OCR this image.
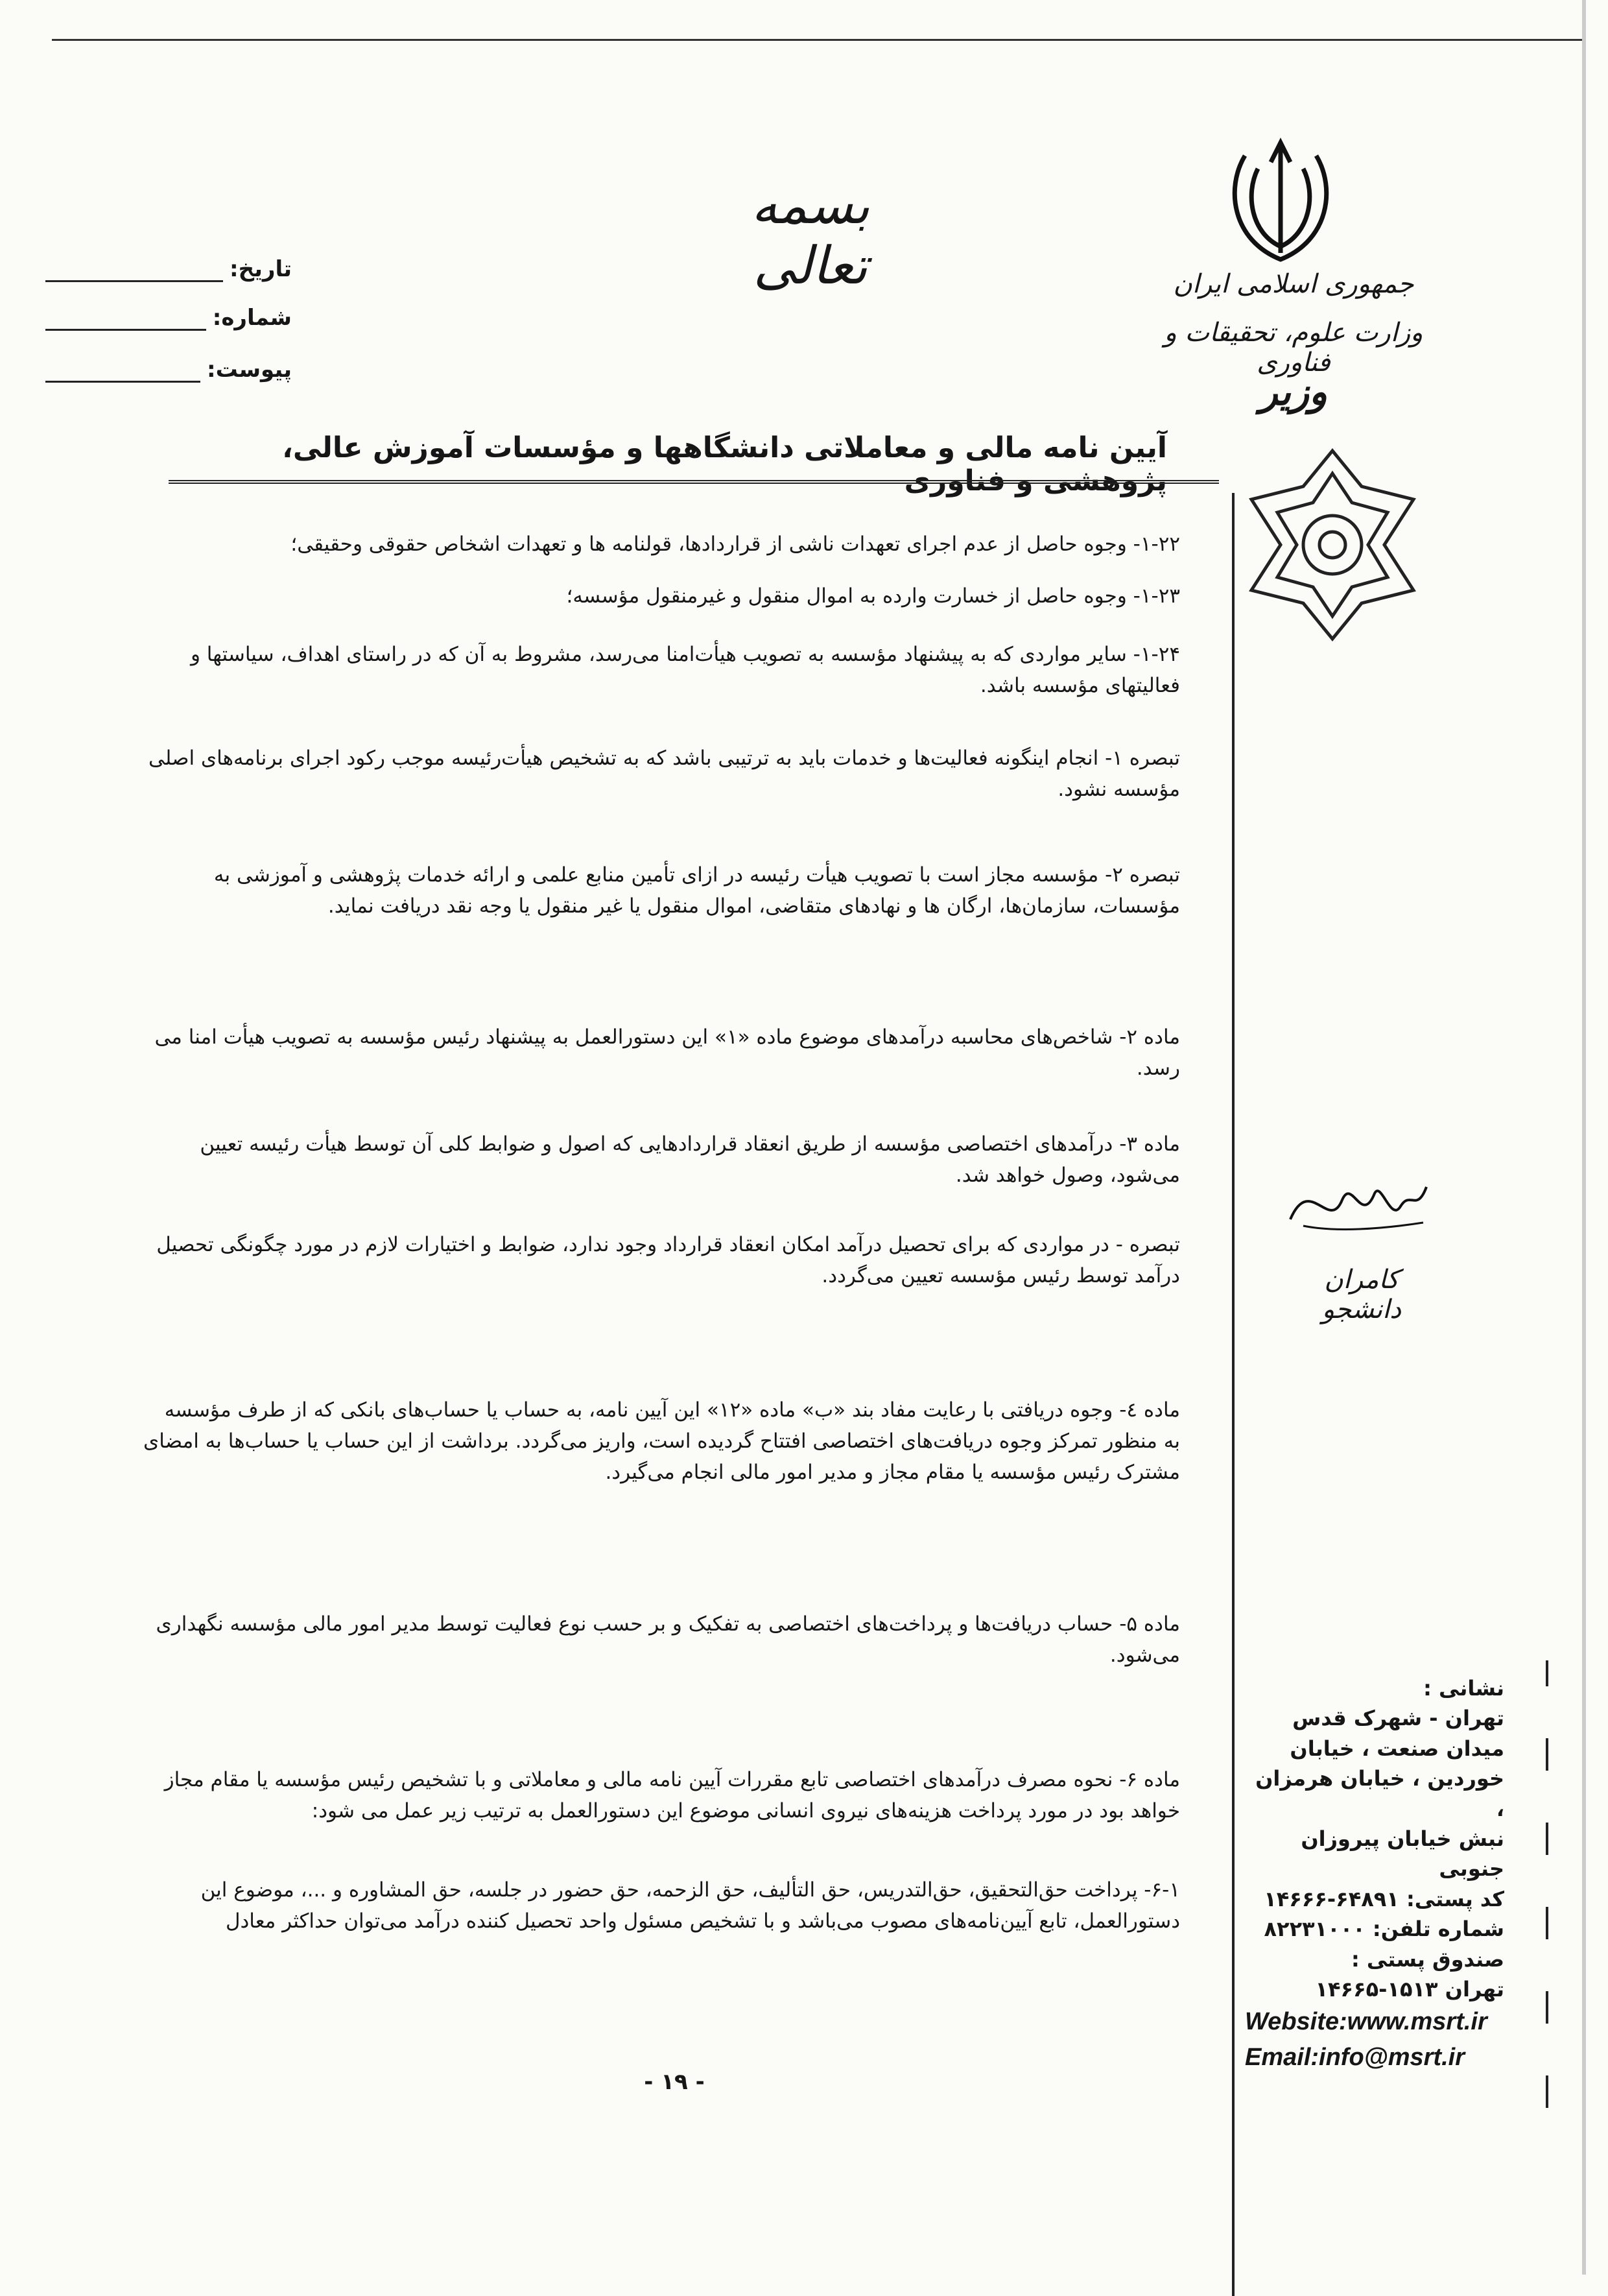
بسمه تعالی
تاریخ:
شماره:
پیوست:
جمهوری اسلامی ایران
وزارت علوم، تحقیقات و فناوری
وزیر
آیین نامه مالی و معاملاتی دانشگاهها و مؤسسات آموزش عالی، پژوهشی و فناوری
۱-۲۲- وجوه حاصل از عدم اجرای تعهدات ناشی از قراردادها، قولنامه ها و تعهدات اشخاص حقوقی وحقیقی؛
۱-۲۳- وجوه حاصل از خسارت وارده به اموال منقول و غیرمنقول مؤسسه؛
۱-۲۴- سایر مواردی که به پیشنهاد مؤسسه به تصویب هیأت‌امنا می‌رسد، مشروط به آن که در راستای اهداف، سیاستها و فعالیتهای مؤسسه باشد.
تبصره ۱- انجام اینگونه فعالیت‌ها و خدمات باید به ترتیبی باشد که به تشخیص هیأت‌رئیسه موجب رکود اجرای برنامه‌های اصلی مؤسسه نشود.
تبصره ۲- مؤسسه مجاز است با تصویب هیأت رئیسه در ازای تأمین منابع علمی و ارائه خدمات پژوهشی و آموزشی به مؤسسات، سازمان‌ها، ارگان ها و نهادهای متقاضی، اموال منقول یا غیر منقول یا وجه نقد دریافت نماید.
ماده ۲- شاخص‌های محاسبه درآمدهای موضوع ماده «۱» این دستورالعمل به پیشنهاد رئیس مؤسسه به تصویب هیأت امنا می رسد.
ماده ۳- درآمدهای اختصاصی مؤسسه از طریق انعقاد قراردادهایی که اصول و ضوابط کلی آن توسط هیأت رئیسه تعیین می‌شود، وصول خواهد شد.
تبصره - در مواردی که برای تحصیل درآمد امکان انعقاد قرارداد وجود ندارد، ضوابط و اختیارات لازم در مورد چگونگی تحصیل درآمد توسط رئیس مؤسسه تعیین می‌گردد.
ماده ٤- وجوه دریافتی با رعایت مفاد بند «ب» ماده «۱۲» این آیین نامه، به حساب یا حساب‌های بانکی که از طرف مؤسسه به منظور تمرکز وجوه دریافت‌های اختصاصی افتتاح گردیده است، واریز می‌گردد. برداشت از این حساب یا حساب‌ها به امضای مشترک رئیس مؤسسه یا مقام مجاز و مدیر امور مالی انجام می‌گیرد.
ماده ۵- حساب دریافت‌ها و پرداخت‌های اختصاصی به تفکیک و بر حسب نوع فعالیت توسط مدیر امور مالی مؤسسه نگهداری می‌شود.
ماده ۶- نحوه مصرف درآمدهای اختصاصی تابع مقررات آیین نامه مالی و معاملاتی و با تشخیص رئیس مؤسسه یا مقام مجاز خواهد بود در مورد پرداخت هزینه‌های نیروی انسانی موضوع این دستورالعمل به ترتیب زیر عمل می شود:
۶-۱- پرداخت حق‌التحقیق، حق‌التدریس، حق التألیف، حق الزحمه، حق حضور در جلسه، حق المشاوره و ...، موضوع این دستورالعمل، تابع آیین‌نامه‌های مصوب می‌باشد و با تشخیص مسئول واحد تحصیل کننده درآمد می‌توان حداکثر معادل
کامران دانشجو
نشانی :
تهران - شهرک قدس
میدان صنعت ، خیابان
خوردین ، خیابان هرمزان ،
نبش خیابان پیروزان جنوبی
کد پستی: ۶۴۸۹۱-۱۴۶۶۶
شماره تلفن: ۸۲۲۳۱۰۰۰
صندوق پستی :
تهران ۱۵۱۳-۱۴۶۶۵
Website:www.msrt.ir
Email:info@msrt.ir
- ۱۹ -
